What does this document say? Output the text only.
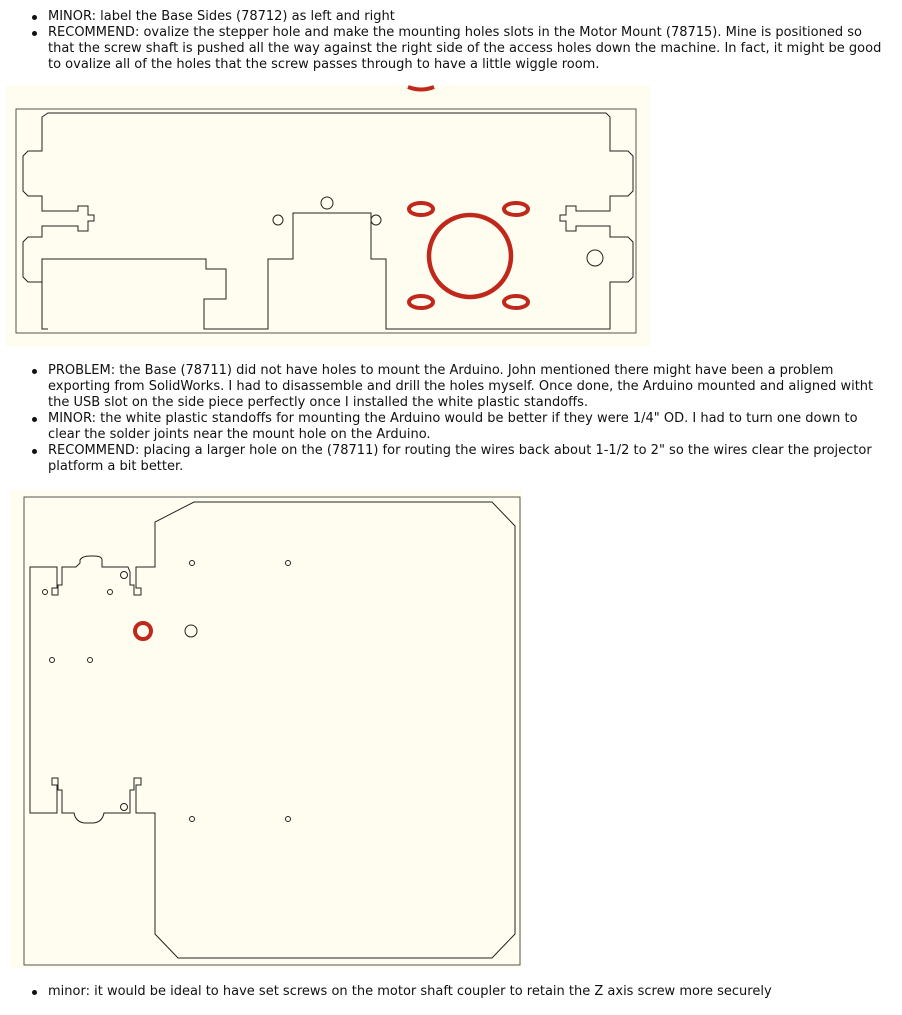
MINOR: label the Base Sides (78712) as left and right
RECOMMEND: ovalize the stepper hole and make the mounting holes slots in the Motor Mount (78715). Mine is positioned so that the screw shaft is pushed all the way against the right side of the access holes down the machine. In fact, it might be good to ovalize all of the holes that the screw passes through to have a little wiggle room.
PROBLEM: the Base (78711) did not have holes to mount the Arduino. John mentioned there might have been a problem exporting from SolidWorks. I had to disassemble and drill the holes myself. Once done, the Arduino mounted and aligned witht the USB slot on the side piece perfectly once I installed the white plastic standoffs.
MINOR: the white plastic standoffs for mounting the Arduino would be better if they were 1/4" OD. I had to turn one down to clear the solder joints near the mount hole on the Arduino.
RECOMMEND: placing a larger hole on the (78711) for routing the wires back about 1-1/2 to 2" so the wires clear the projector platform a bit better.
minor: it would be ideal to have set screws on the motor shaft coupler to retain the Z axis screw more securely
